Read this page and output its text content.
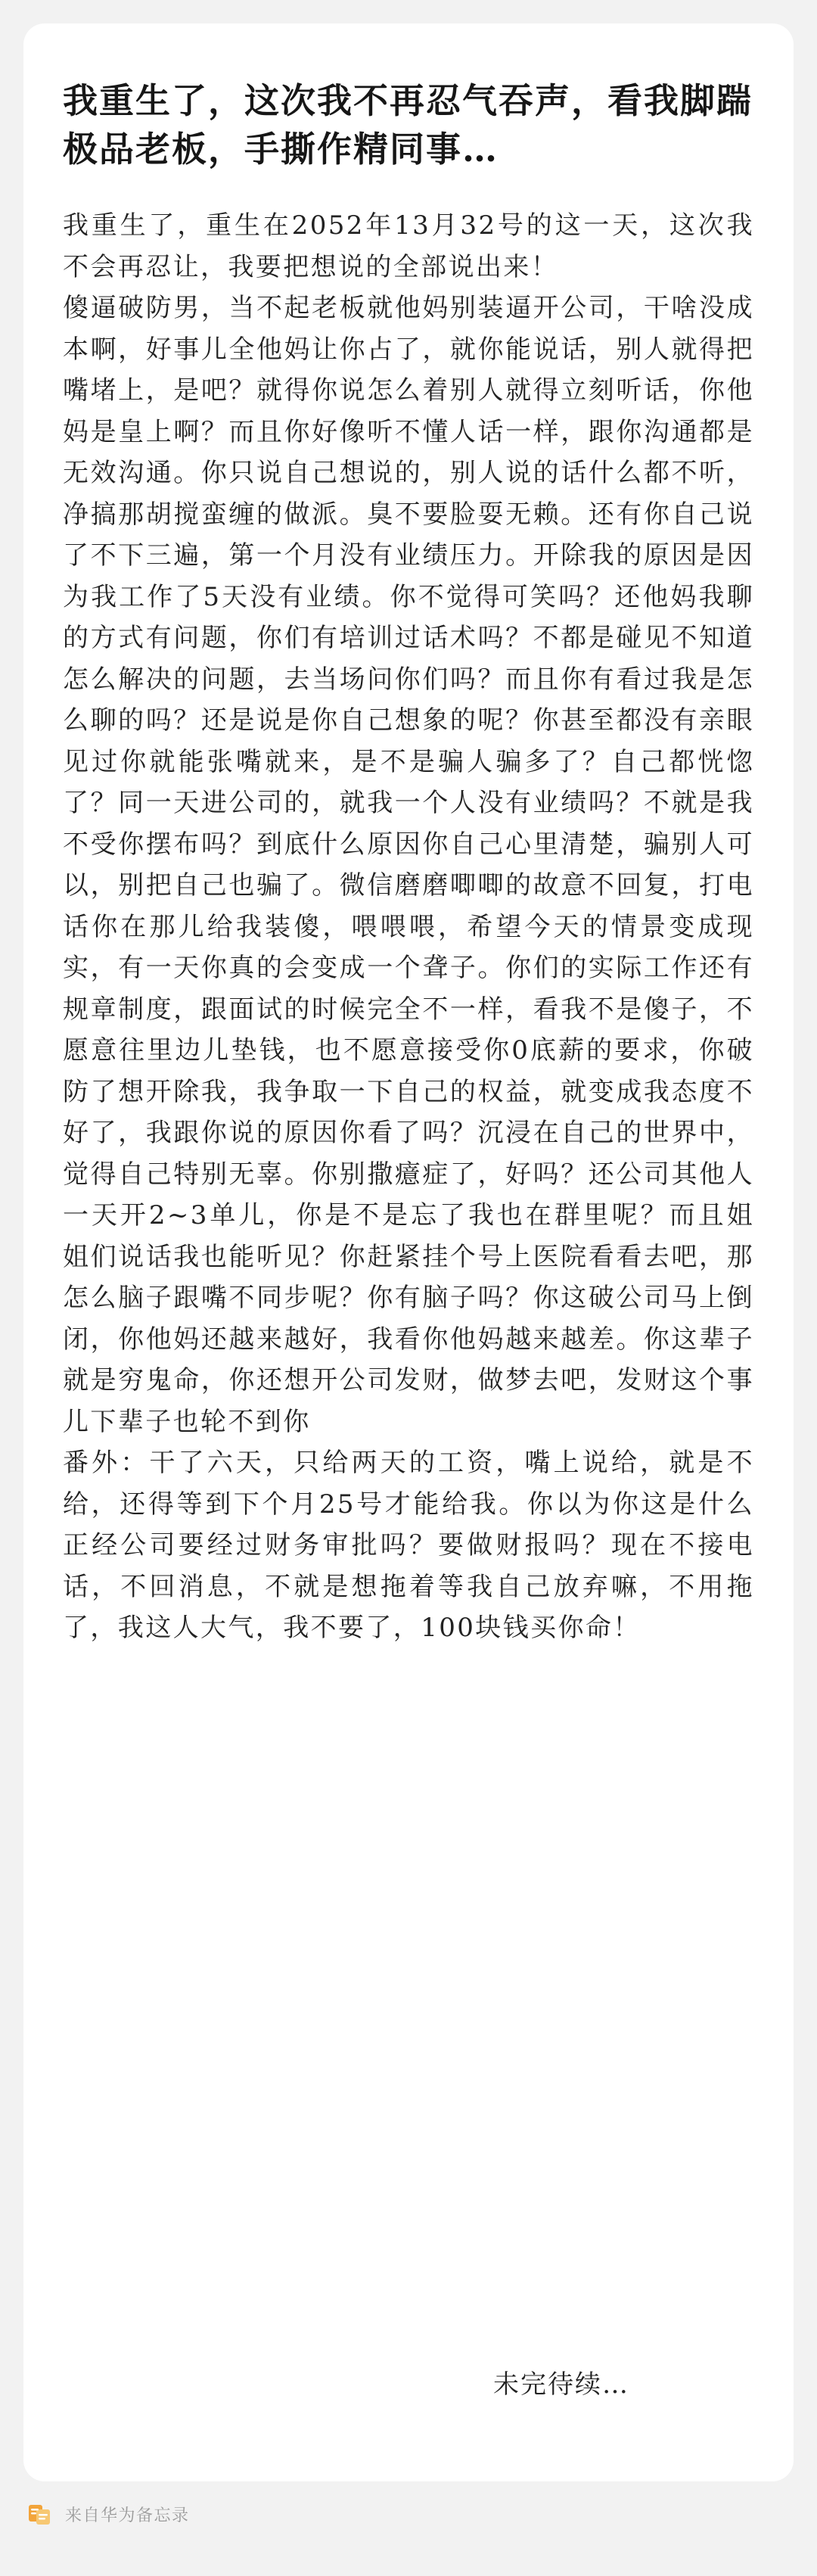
我重生了，这次我不再忍气吞声，看我脚踹极品老板，手撕作精同事…

我重生了，重生在2052年13月32号的这一天，这次我不会再忍让，我要把想说的全部说出来！

傻逼破防男，当不起老板就他妈别装逼开公司，干啥没成本啊，好事儿全他妈让你占了，就你能说话，别人就得把嘴堵上，是吧？就得你说怎么着别人就得立刻听话，你他妈是皇上啊？而且你好像听不懂人话一样，跟你沟通都是无效沟通。你只说自己想说的，别人说的话什么都不听，净搞那胡搅蛮缠的做派。臭不要脸耍无赖。还有你自己说了不下三遍，第一个月没有业绩压力。开除我的原因是因为我工作了5天没有业绩。你不觉得可笑吗？还他妈我聊的方式有问题，你们有培训过话术吗？不都是碰见不知道怎么解决的问题，去当场问你们吗？而且你有看过我是怎么聊的吗？还是说是你自己想象的呢？你甚至都没有亲眼见过你就能张嘴就来，是不是骗人骗多了？自己都恍惚了？同一天进公司的，就我一个人没有业绩吗？不就是我不受你摆布吗？到底什么原因你自己心里清楚，骗别人可以，别把自己也骗了。微信磨磨唧唧的故意不回复，打电话你在那儿给我装傻，喂喂喂，希望今天的情景变成现实，有一天你真的会变成一个聋子。你们的实际工作还有规章制度，跟面试的时候完全不一样，看我不是傻子，不愿意往里边儿垫钱，也不愿意接受你0底薪的要求，你破防了想开除我，我争取一下自己的权益，就变成我态度不好了，我跟你说的原因你看了吗？沉浸在自己的世界中，觉得自己特别无辜。你别撒癔症了，好吗？还公司其他人一天开2~3单儿，你是不是忘了我也在群里呢？而且姐姐们说话我也能听见？你赶紧挂个号上医院看看去吧，那怎么脑子跟嘴不同步呢？你有脑子吗？你这破公司马上倒闭，你他妈还越来越好，我看你他妈越来越差。你这辈子就是穷鬼命，你还想开公司发财，做梦去吧，发财这个事儿下辈子也轮不到你

番外：干了六天，只给两天的工资，嘴上说给，就是不给，还得等到下个月25号才能给我。你以为你这是什么正经公司要经过财务审批吗？要做财报吗？现在不接电话，不回消息，不就是想拖着等我自己放弃嘛，不用拖了，我这人大气，我不要了，100块钱买你命！

未完待续…
来自华为备忘录
